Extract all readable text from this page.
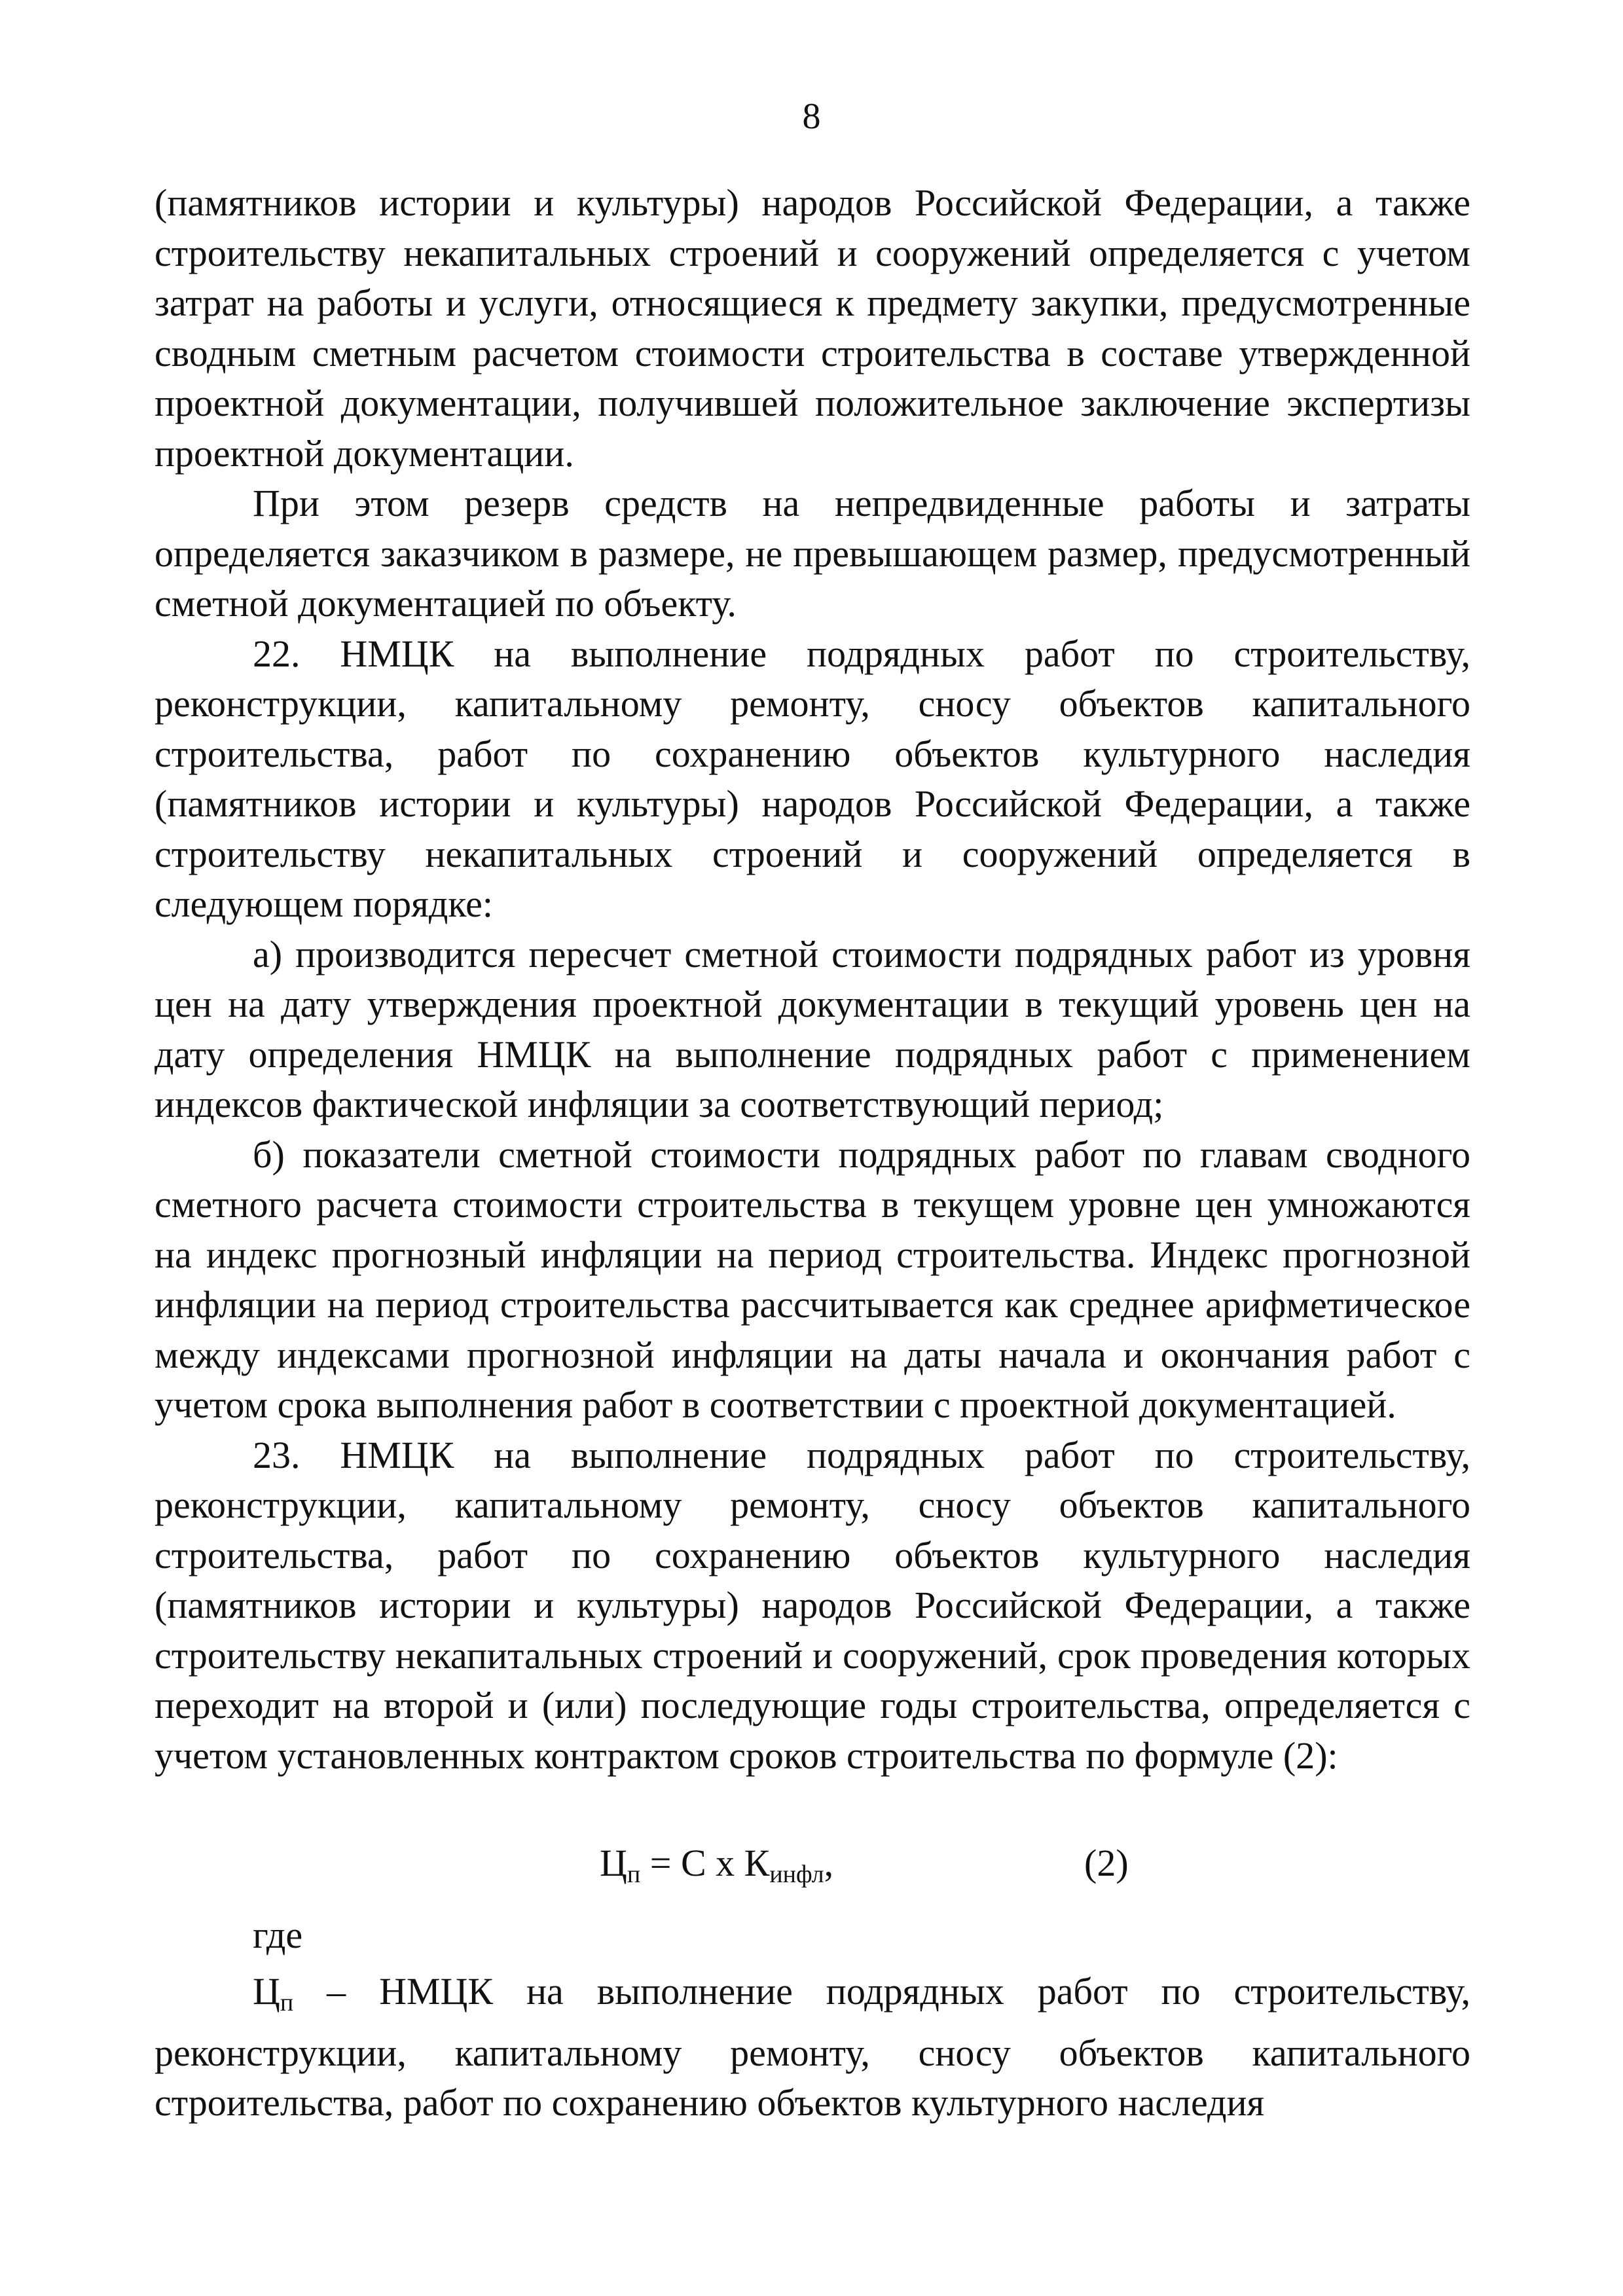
8

(памятников истории и культуры) народов Российской Федерации, а также строительству некапитальных строений и сооружений определяется с учетом затрат на работы и услуги, относящиеся к предмету закупки, предусмотренные сводным сметным расчетом стоимости строительства в составе утвержденной проектной документации, получившей положительное заключение экспертизы проектной документации.

При этом резерв средств на непредвиденные работы и затраты определяется заказчиком в размере, не превышающем размер, предусмотренный сметной документацией по объекту.

22. НМЦК на выполнение подрядных работ по строительству, реконструкции, капитальному ремонту, сносу объектов капитального строительства, работ по сохранению объектов культурного наследия (памятников истории и культуры) народов Российской Федерации, а также строительству некапитальных строений и сооружений определяется в следующем порядке:

а) производится пересчет сметной стоимости подрядных работ из уровня цен на дату утверждения проектной документации в текущий уровень цен на дату определения НМЦК на выполнение подрядных работ с применением индексов фактической инфляции за соответствующий период;

б) показатели сметной стоимости подрядных работ по главам сводного сметного расчета стоимости строительства в текущем уровне цен умножаются на индекс прогнозный инфляции на период строительства. Индекс прогнозной инфляции на период строительства рассчитывается как среднее арифметическое между индексами прогнозной инфляции на даты начала и окончания работ с учетом срока выполнения работ в соответствии с проектной документацией.

23. НМЦК на выполнение подрядных работ по строительству, реконструкции, капитальному ремонту, сносу объектов капитального строительства, работ по сохранению объектов культурного наследия (памятников истории и культуры) народов Российской Федерации, а также строительству некапитальных строений и сооружений, срок проведения которых переходит на второй и (или) последующие годы строительства, определяется с учетом установленных контрактом сроков строительства по формуле (2):

$Ц_п = С$ х $К_{инфл}$,	(2)

где

$Ц_п$ – НМЦК на выполнение подрядных работ по строительству, реконструкции, капитальному ремонту, сносу объектов капитального строительства, работ по сохранению объектов культурного наследия
